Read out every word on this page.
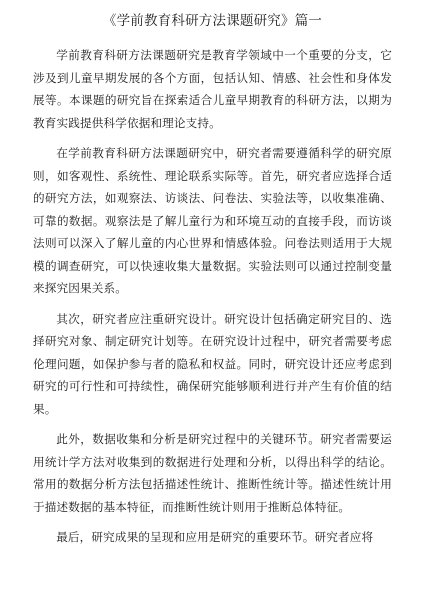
《学前教育科研方法课题研究》篇一

学前教育科研方法课题研究是教育学领域中一个重要的分支，它涉及到儿童早期发展的各个方面，包括认知、情感、社会性和身体发展等。本课题的研究旨在探索适合儿童早期教育的科研方法，以期为教育实践提供科学依据和理论支持。

在学前教育科研方法课题研究中，研究者需要遵循科学的研究原则，如客观性、系统性、理论联系实际等。首先，研究者应选择合适的研究方法，如观察法、访谈法、问卷法、实验法等，以收集准确、可靠的数据。观察法是了解儿童行为和环境互动的直接手段，而访谈法则可以深入了解儿童的内心世界和情感体验。问卷法则适用于大规模的调查研究，可以快速收集大量数据。实验法则可以通过控制变量来探究因果关系。

其次，研究者应注重研究设计。研究设计包括确定研究目的、选择研究对象、制定研究计划等。在研究设计过程中，研究者需要考虑伦理问题，如保护参与者的隐私和权益。同时，研究设计还应考虑到研究的可行性和可持续性，确保研究能够顺利进行并产生有价值的结果。

此外，数据收集和分析是研究过程中的关键环节。研究者需要运用统计学方法对收集到的数据进行处理和分析，以得出科学的结论。常用的数据分析方法包括描述性统计、推断性统计等。描述性统计用于描述数据的基本特征，而推断性统计则用于推断总体特征。

最后，研究成果的呈现和应用是研究的重要环节。研究者应将
